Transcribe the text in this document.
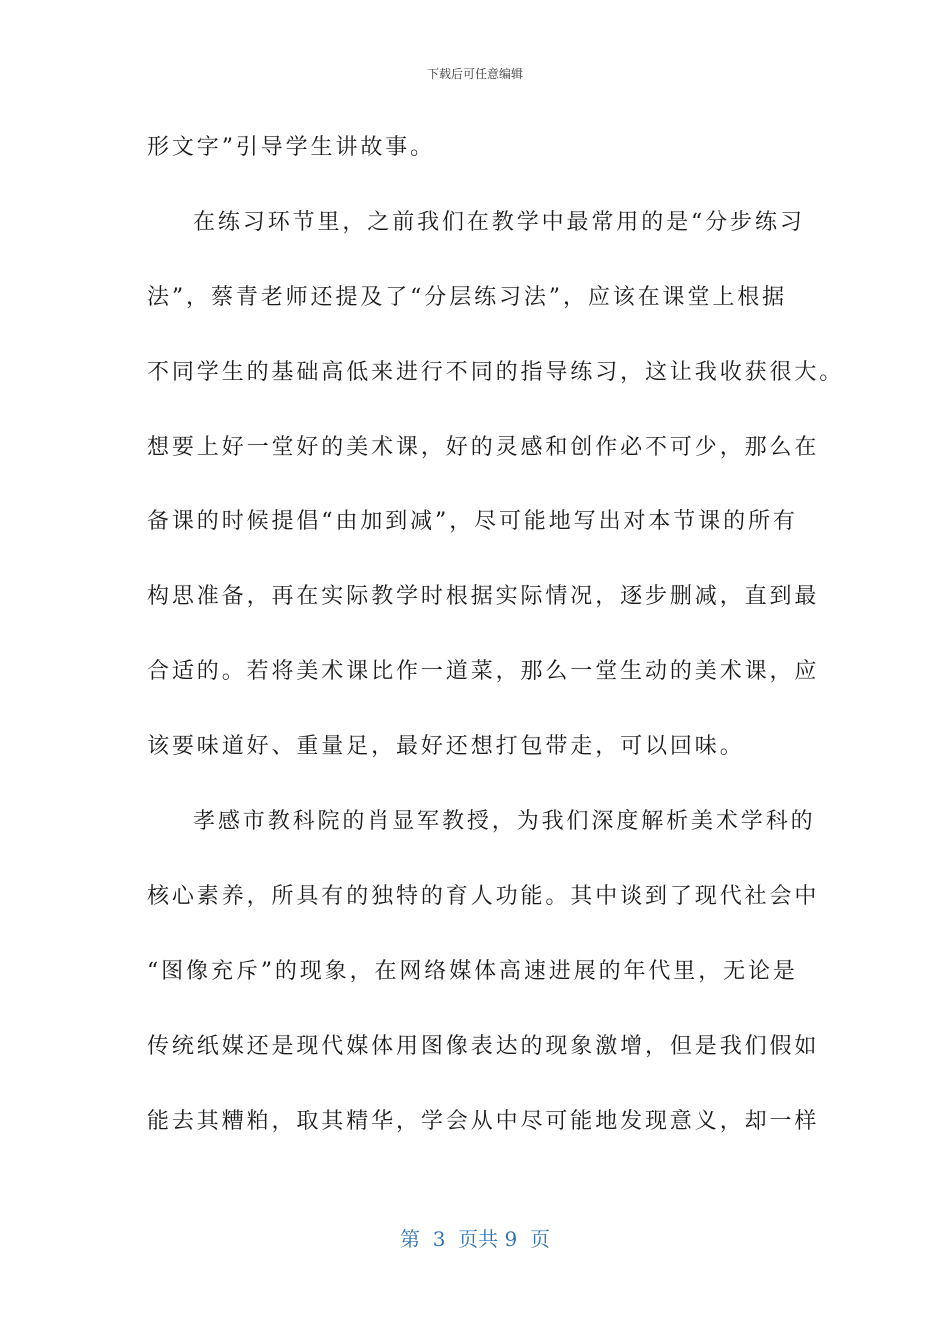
下载后可任意编辑
形文字”引导学生讲故事。
在练习环节里，之前我们在教学中最常用的是“分步练习
法”，蔡青老师还提及了“分层练习法”，应该在课堂上根据
不同学生的基础高低来进行不同的指导练习，这让我收获很大。
想要上好一堂好的美术课，好的灵感和创作必不可少，那么在
备课的时候提倡“由加到减”，尽可能地写出对本节课的所有
构思准备，再在实际教学时根据实际情况，逐步删减，直到最
合适的。若将美术课比作一道菜，那么一堂生动的美术课，应
该要味道好、重量足，最好还想打包带走，可以回味。
孝感市教科院的肖显军教授，为我们深度解析美术学科的
核心素养，所具有的独特的育人功能。其中谈到了现代社会中
“图像充斥”的现象，在网络媒体高速进展的年代里，无论是
传统纸媒还是现代媒体用图像表达的现象激增，但是我们假如
能去其糟粕，取其精华，学会从中尽可能地发现意义，却一样
第  3  页共 9  页
